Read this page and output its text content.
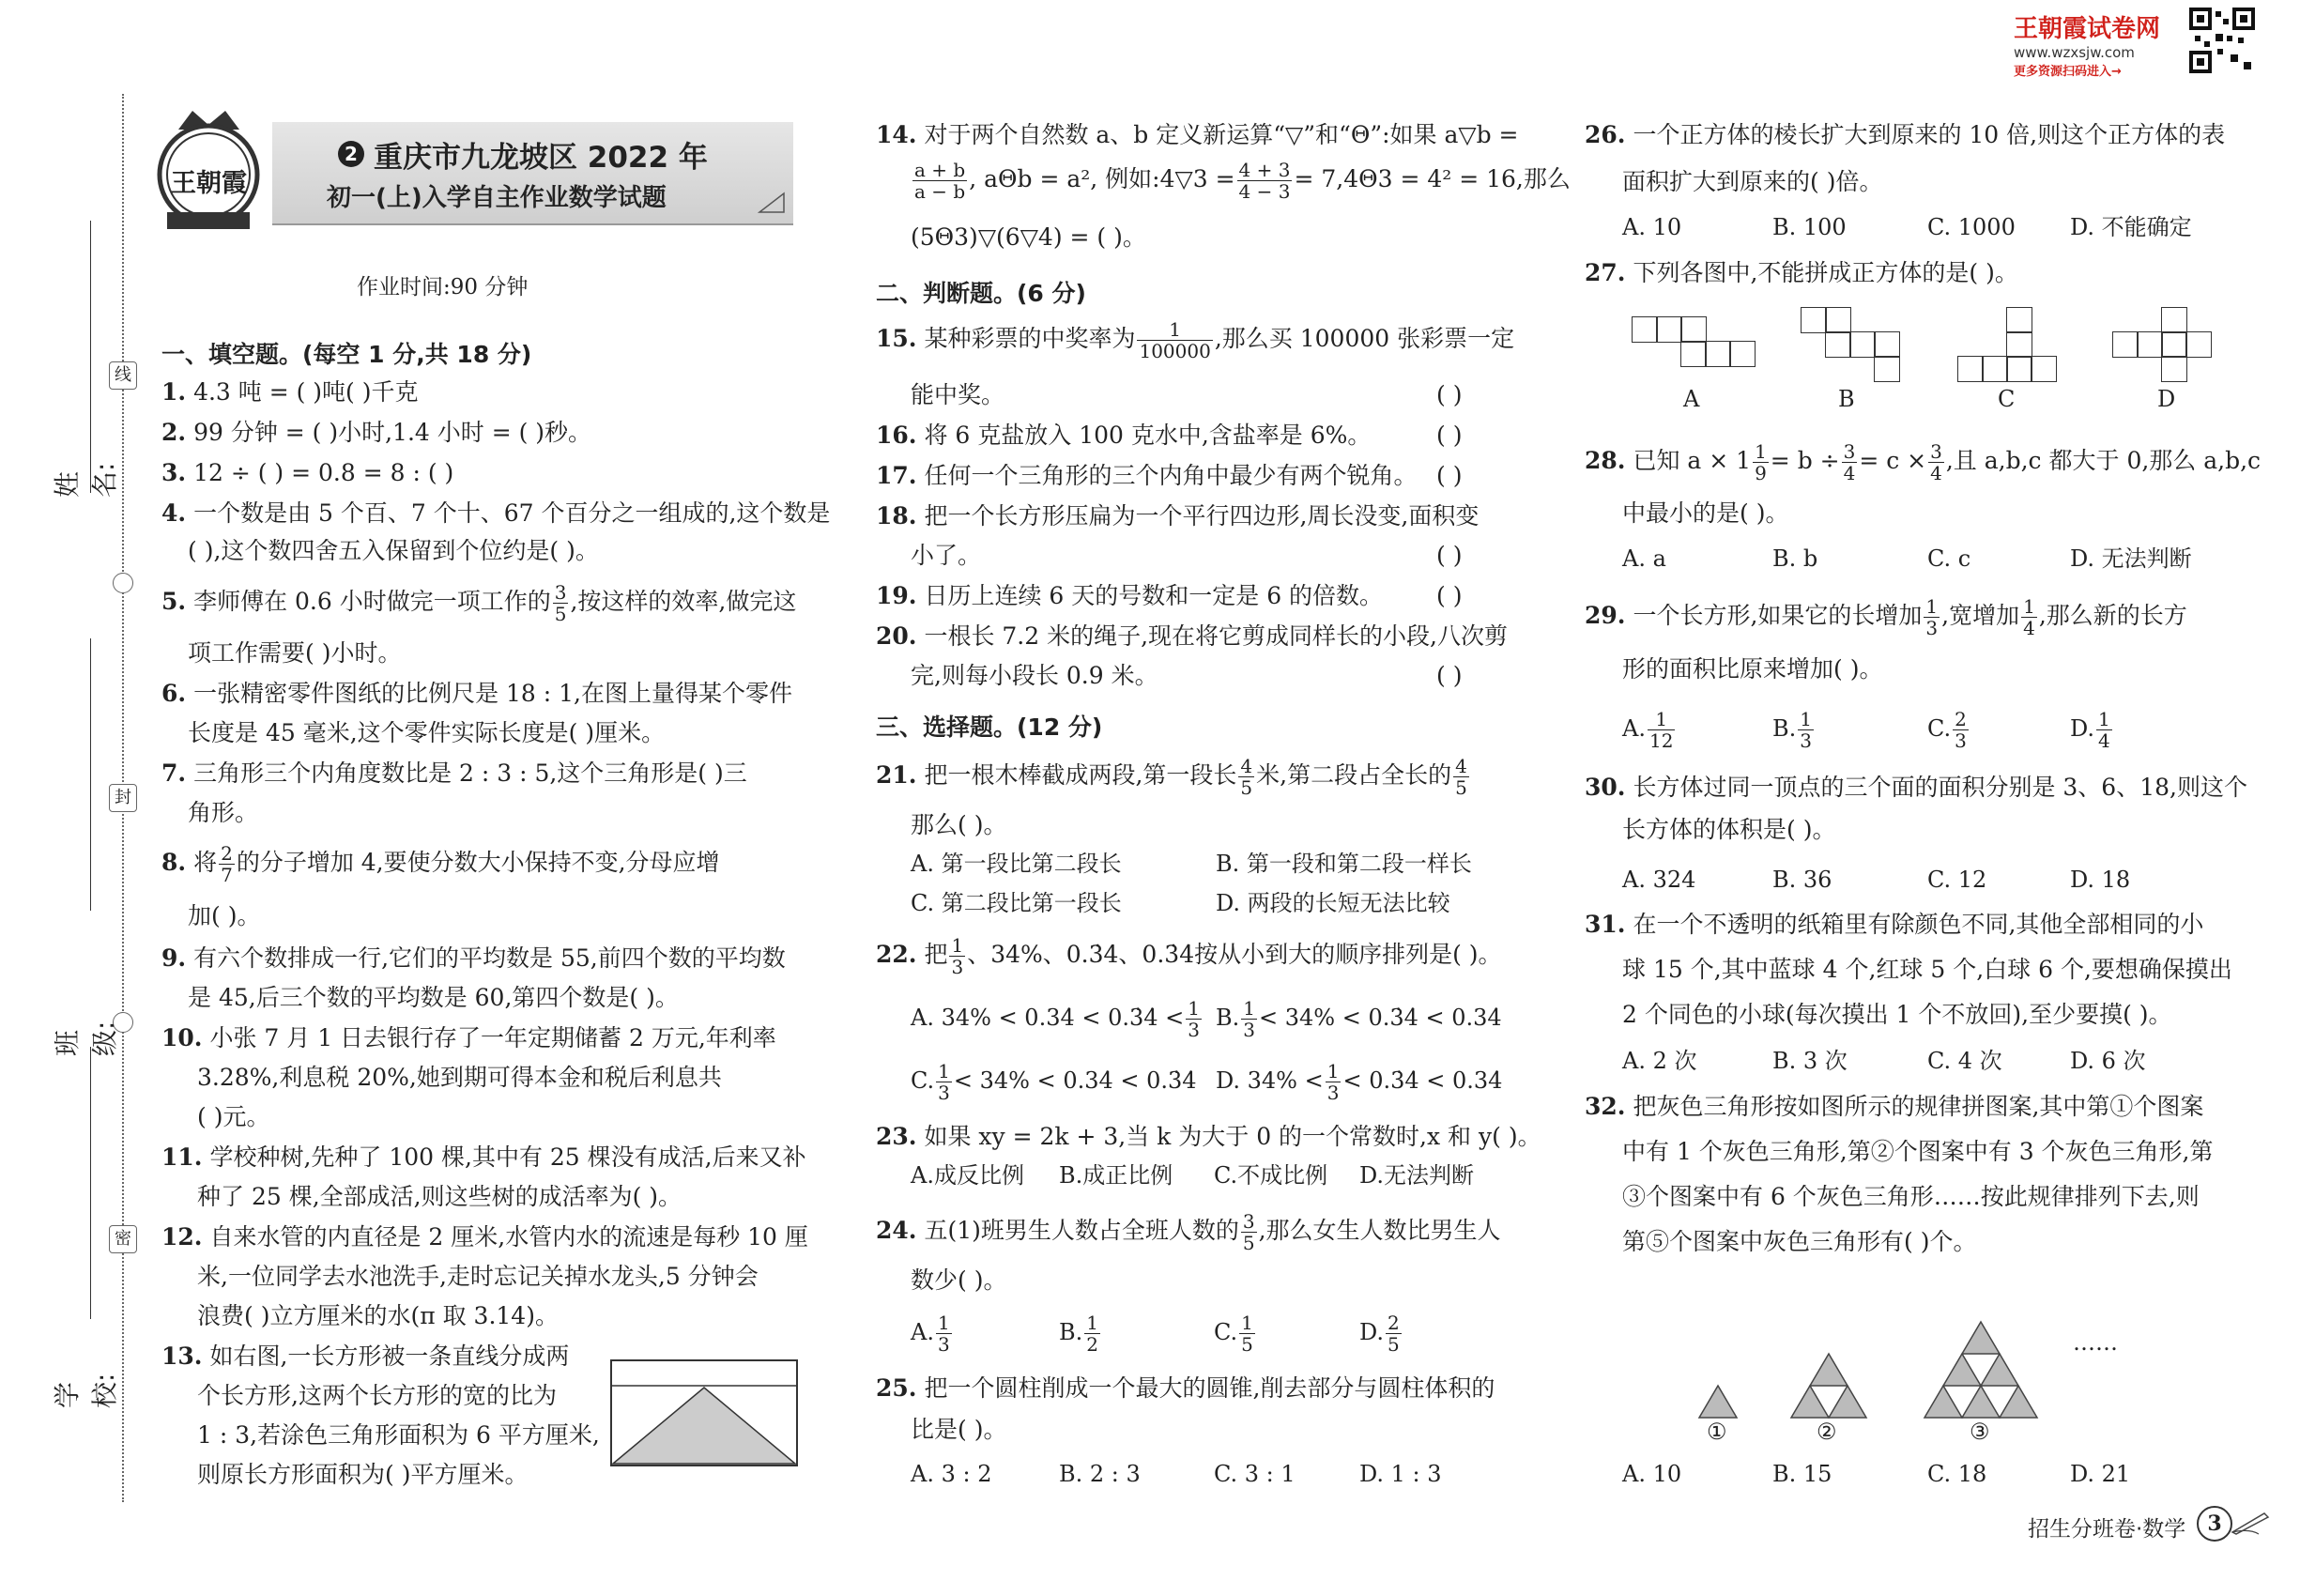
王朝霞试卷网
www.wzxsjw.com
更多资源扫码进入→
线
封
密
姓 名:
班 级:
学 校:
王朝霞
2 重庆市九龙坡区 2022 年
初一(上)入学自主作业数学试题
作业时间:90 分钟
一、填空题。(每空 1 分,共 18 分)
1. 4.3 吨 = ( )吨( )千克
2. 99 分钟 = ( )小时,1.4 小时 = ( )秒。
3. 12 ÷ ( ) = 0.8 = 8 : ( )
4. 一个数是由 5 个百、7 个十、67 个百分之一组成的,这个数是
( ),这个数四舍五入保留到个位约是( )。
5. 李师傅在 0.6 小时做完一项工作的 $\frac{3}{5}$ ,按这样的效率,做完这
项工作需要( )小时。
6. 一张精密零件图纸的比例尺是 18 : 1,在图上量得某个零件
长度是 45 毫米,这个零件实际长度是( )厘米。
7. 三角形三个内角度数比是 2 : 3 : 5,这个三角形是( )三
角形。
8. 将 $\frac{2}{7}$ 的分子增加 4,要使分数大小保持不变,分母应增
加( )。
9. 有六个数排成一行,它们的平均数是 55,前四个数的平均数
是 45,后三个数的平均数是 60,第四个数是( )。
10. 小张 7 月 1 日去银行存了一年定期储蓄 2 万元,年利率
3.28%,利息税 20%,她到期可得本金和税后利息共
( )元。
11. 学校种树,先种了 100 棵,其中有 25 棵没有成活,后来又补
种了 25 棵,全部成活,则这些树的成活率为( )。
12. 自来水管的内直径是 2 厘米,水管内水的流速是每秒 10 厘
米,一位同学去水池洗手,走时忘记关掉水龙头,5 分钟会
浪费( )立方厘米的水(π 取 3.14)。
13. 如右图,一长方形被一条直线分成两
个长方形,这两个长方形的宽的比为
1 : 3,若涂色三角形面积为 6 平方厘米,
则原长方形面积为( )平方厘米。
14. 对于两个自然数 a、b 定义新运算“▽”和“Θ”:如果 a▽b =
$\frac{a + b}{a - b}$ , aΘb = a², 例如:4▽3 = $\frac{4 + 3}{4 - 3} = 7,4\Theta 3 = 4^2 = 16$,那么
(5Θ3)▽(6▽4) = ( )。
二、判断题。(6 分)
15. 某种彩票的中奖率为 $\frac{1}{100000}$ ,那么买 100000 张彩票一定
能中奖。	( )
16. 将 6 克盐放入 100 克水中,含盐率是 6%。	( )
17. 任何一个三角形的三个内角中最少有两个锐角。 ( )
18. 把一个长方形压扁为一个平行四边形,周长没变,面积变
小了。	( )
19. 日历上连续 6 天的号数和一定是 6 的倍数。 ( )
20. 一根长 7.2 米的绳子,现在将它剪成同样长的小段,八次剪
完,则每小段长 0.9 米。	( )
三、选择题。(12 分)
21. 把一根木棒截成两段,第一段长 $\frac{4}{5}$ 米,第二段占全长的 $\frac{4}{5}$
那么( )。
A. 第一段比第二段长	B. 第一段和第二段一样长
C. 第二段比第一段长	D. 两段的长短无法比较
22. 把 $\frac{1}{3}$ 、34%、0.3̇4、0.3̇4̇按从小到大的顺序排列是( )。
A. 34% < 0.34̇ < 0.3̇4̇ < $\frac{1}{3} B$. $\frac{1}{3} < 34\%$ < 0.3̇4̇ < 0.34̇
C. $\frac{1}{3} < 34\%$ < 0.34̇ < 0.3̇4̇ D. $34\% < \frac{1}{3}$ < 0.3̇4̇ < 0.34̇
23. 如果 xy = 2k + 3,当 k 为大于 0 的一个常数时,x 和 y( )。
A.成反比例 B.成正比例 C.不成比例 D.无法判断
24. 五(1)班男生人数占全班人数的 $\frac{3}{5}$ ,那么女生人数比男生人
数少( )。
A. $\frac{1}{3}$	B. $\frac{1}{2}$	C. $\frac{1}{5}$	D. $\frac{2}{5}$
25. 把一个圆柱削成一个最大的圆锥,削去部分与圆柱体积的
比是( )。
A. 3 : 2	B. 2 : 3	C. 3 : 1	D. 1 : 3
26. 一个正方体的棱长扩大到原来的 10 倍,则这个正方体的表
面积扩大到原来的( )倍。
A. 10	B. 100	C. 1000 D. 不能确定
27. 下列各图中,不能拼成正方体的是( )。
A	B	C	D
28. 已知 $a \times 1 \frac{1}{9} = b \div \frac{3}{4} = c \times \frac{3}{4}$ ,且 a,b,c 都大于 0,那么 a,b,c
中最小的是( )。
A. a	B. b	C. c	D. 无法判断
29. 一个长方形,如果它的长增加 $\frac{1}{3}$ ,宽增加 $\frac{1}{4}$ ,那么新的长方
形的面积比原来增加( )。
A. $\frac{1}{12}$	B. $\frac{1}{3}$	C. $\frac{2}{3}$	D. $\frac{1}{4}$
30. 长方体过同一顶点的三个面的面积分别是 3、6、18,则这个
长方体的体积是( )。
A. 324	B. 36	C. 12	D. 18
31. 在一个不透明的纸箱里有除颜色不同,其他全部相同的小
球 15 个,其中蓝球 4 个,红球 5 个,白球 6 个,要想确保摸出
2 个同色的小球(每次摸出 1 个不放回),至少要摸( )。
A. 2 次	B. 3 次	C. 4 次	D. 6 次
32. 把灰色三角形按如图所示的规律拼图案,其中第①个图案
中有 1 个灰色三角形,第②个图案中有 3 个灰色三角形,第
③个图案中有 6 个灰色三角形……按此规律排列下去,则
第⑤个图案中灰色三角形有( )个。
……
①	②	③
A. 10	B. 15	C. 18	D. 21
招生分班卷·数学	3
